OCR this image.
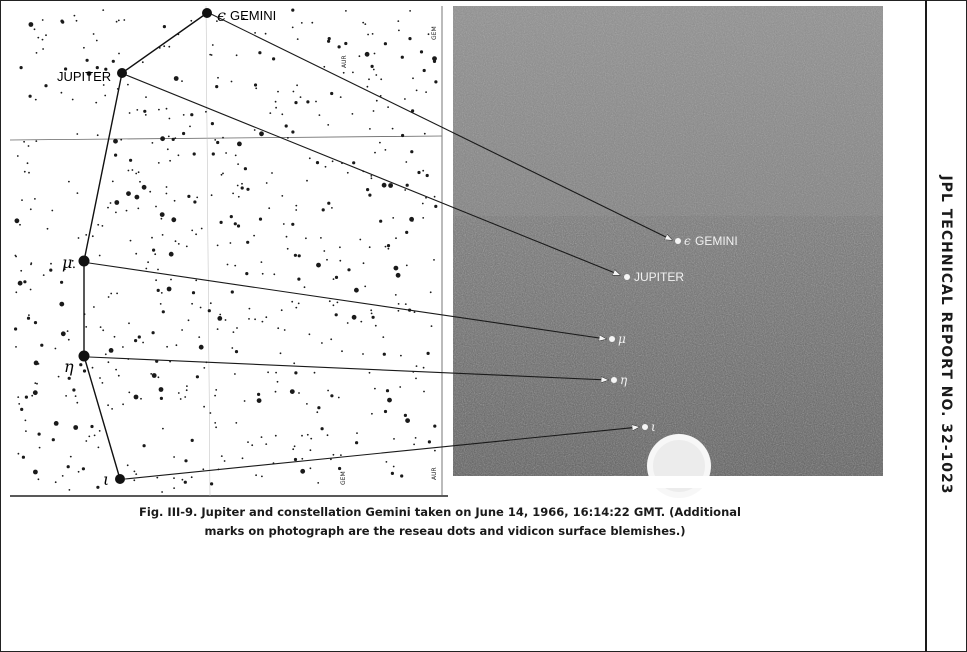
GEM
AUR
GEM
AUR
ϵ GEMINI
JUPITER
μ
η
ι
ϵ GEMINI
JUPITER
μ
η
ι
Fig. III-9. Jupiter and constellation Gemini taken on June 14, 1966, 16:14:22 GMT. (Additional
marks on photograph are the reseau dots and vidicon surface blemishes.)
JPL TECHNICAL REPORT NO. 32-1023
